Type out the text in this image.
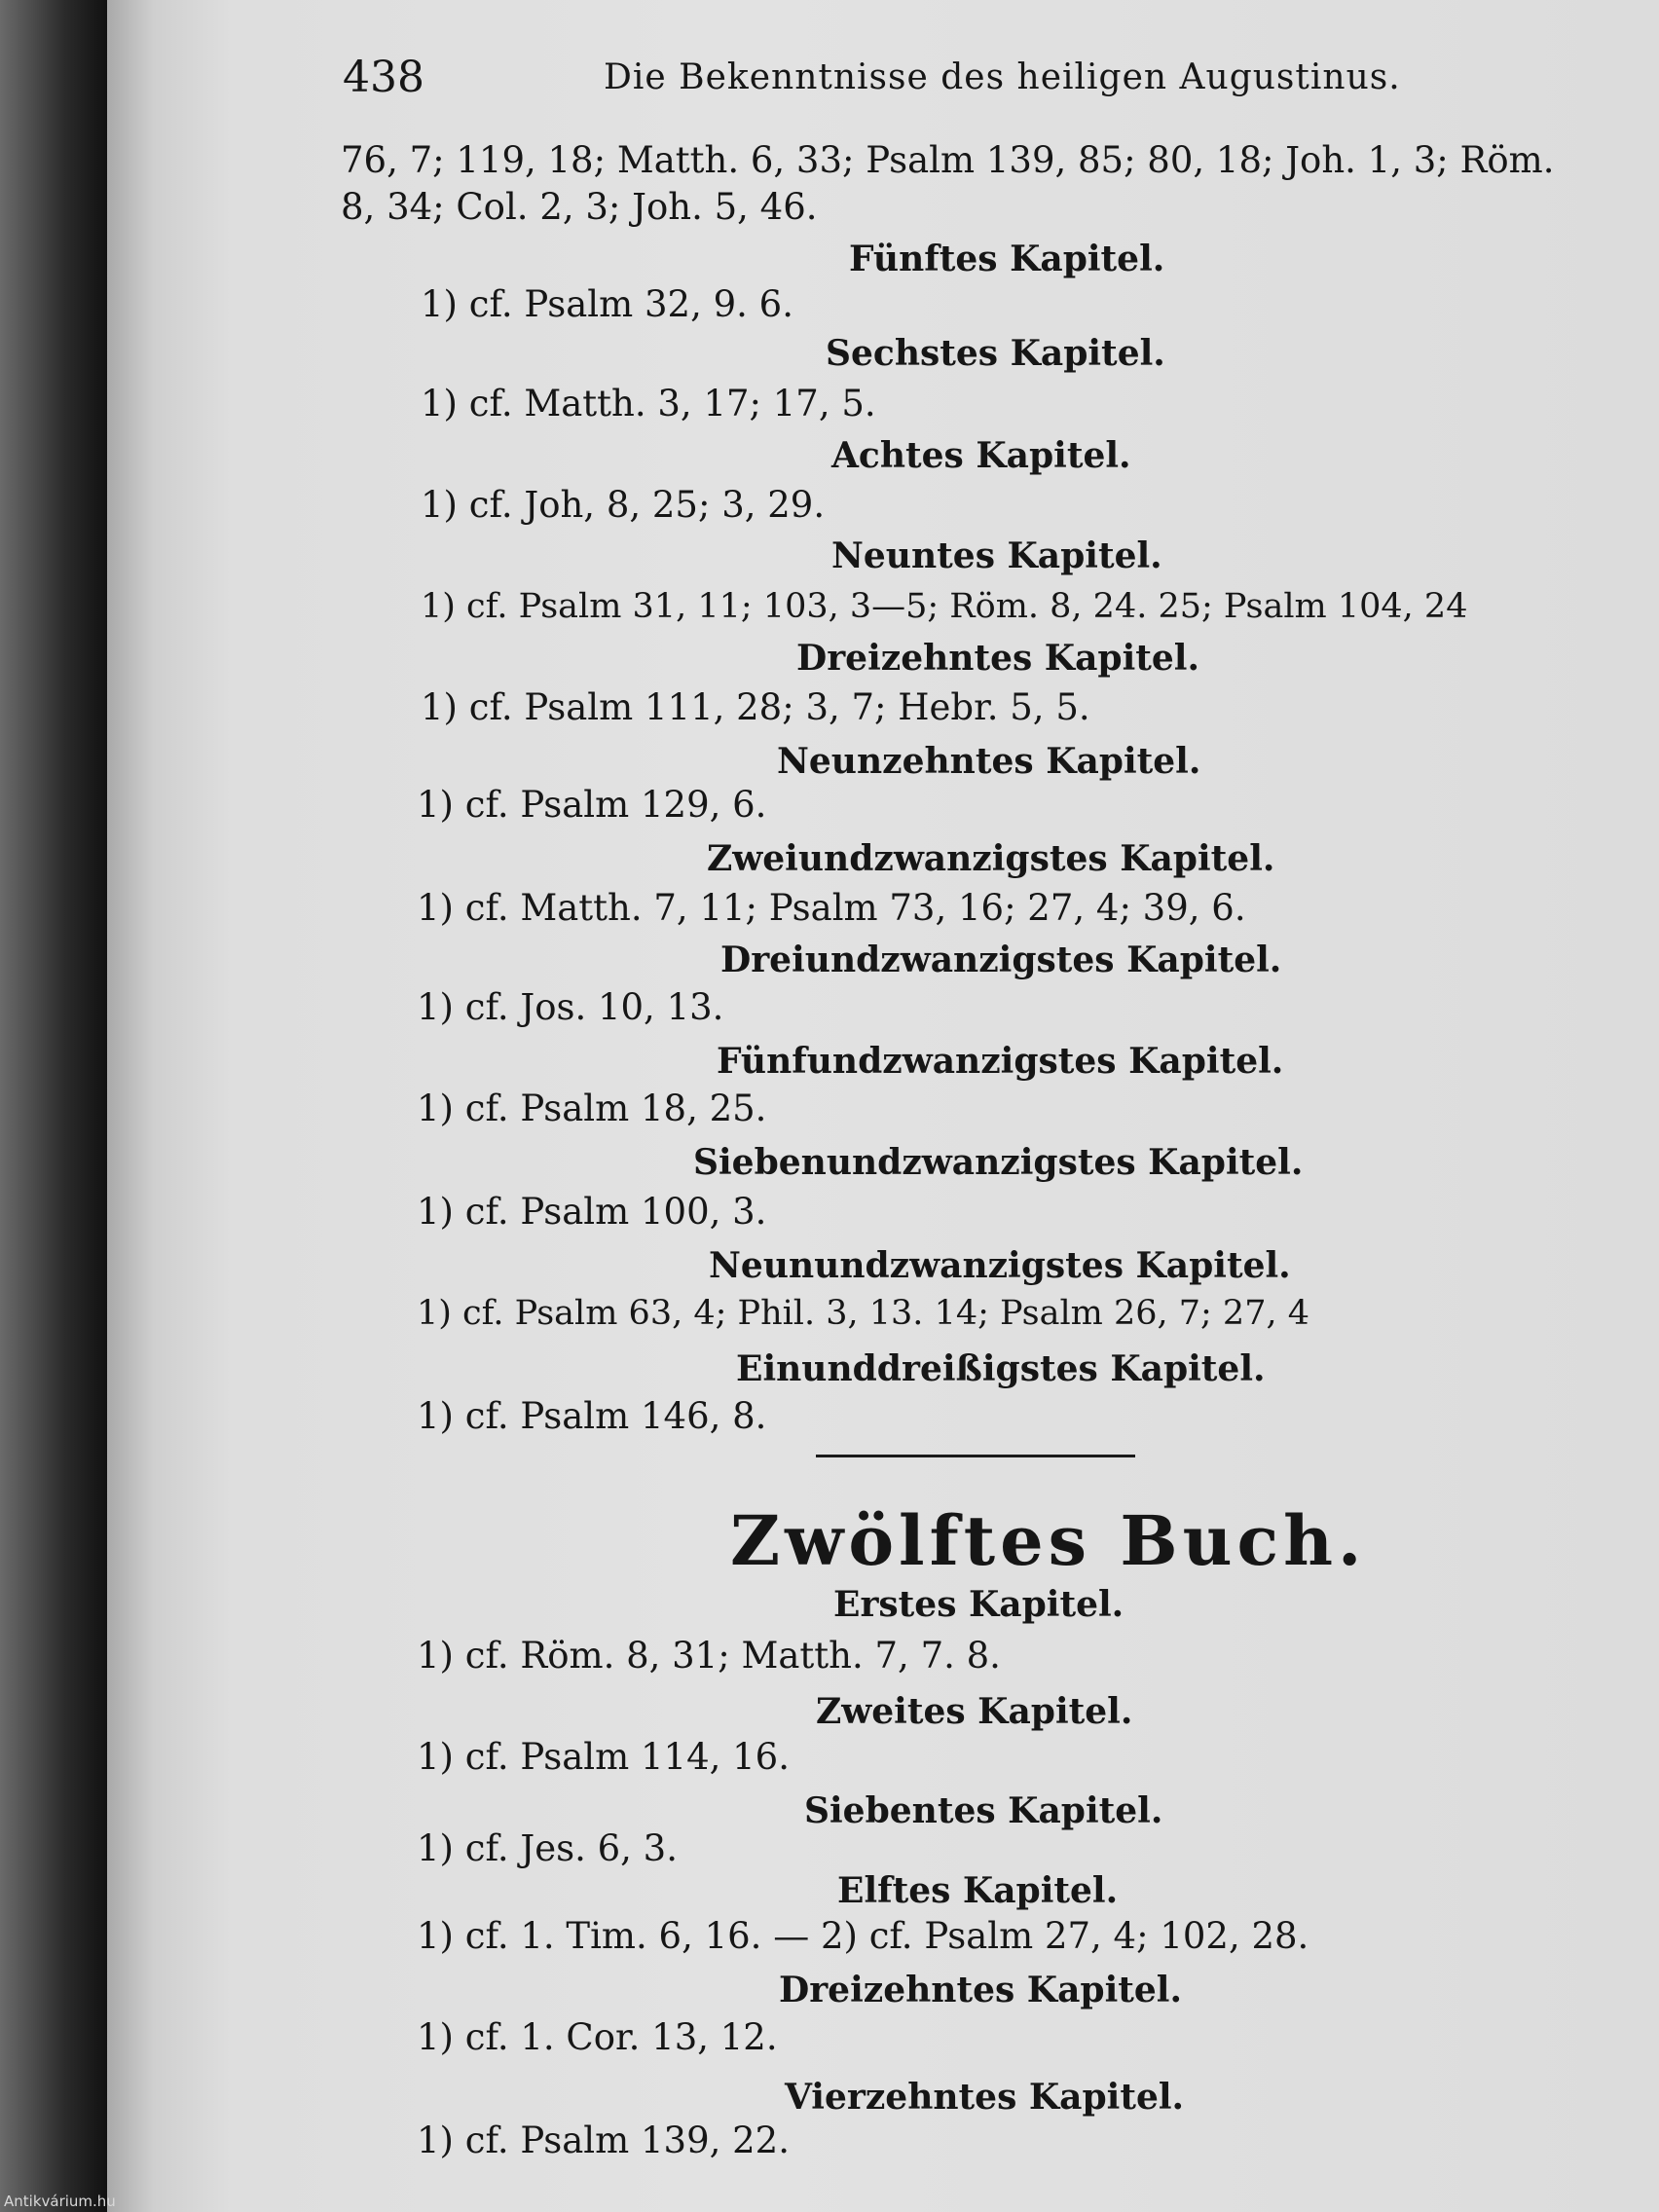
438	Die Bekenntnisse des heiligen Augustinus.
76, 7; 119, 18; Matth. 6, 33; Psalm 139, 85; 80, 18; Joh. 1, 3; Röm.
8, 34; Col. 2, 3; Joh. 5, 46.
Fünftes Kapitel.
1) cf. Psalm 32, 9. 6.
Sechstes Kapitel.
1) cf. Matth. 3, 17; 17, 5.
Achtes Kapitel.
1) cf. Joh, 8, 25; 3, 29.
Neuntes Kapitel.
1) cf. Psalm 31, 11; 103, 3—5; Röm. 8, 24. 25; Psalm 104, 24
Dreizehntes Kapitel.
1) cf. Psalm 111, 28; 3, 7; Hebr. 5, 5.
Neunzehntes Kapitel.
1) cf. Psalm 129, 6.
Zweiundzwanzigstes Kapitel.
1) cf. Matth. 7, 11; Psalm 73, 16; 27, 4; 39, 6.
Dreiundzwanzigstes Kapitel.
1) cf. Jos. 10, 13.
Fünfundzwanzigstes Kapitel.
1) cf. Psalm 18, 25.
Siebenundzwanzigstes Kapitel.
1) cf. Psalm 100, 3.
Neunundzwanzigstes Kapitel.
1) cf. Psalm 63, 4; Phil. 3, 13. 14; Psalm 26, 7; 27, 4
Einunddreißigstes Kapitel.
1) cf. Psalm 146, 8.
Zwölftes Buch.
Erstes Kapitel.
1) cf. Röm. 8, 31; Matth. 7, 7. 8.
Zweites Kapitel.
1) cf. Psalm 114, 16.
Siebentes Kapitel.
1) cf. Jes. 6, 3.
Elftes Kapitel.
1) cf. 1. Tim. 6, 16. — 2) cf. Psalm 27, 4; 102, 28.
Dreizehntes Kapitel.
1) cf. 1. Cor. 13, 12.
Vierzehntes Kapitel.
1) cf. Psalm 139, 22.
Antikvárium.hu
